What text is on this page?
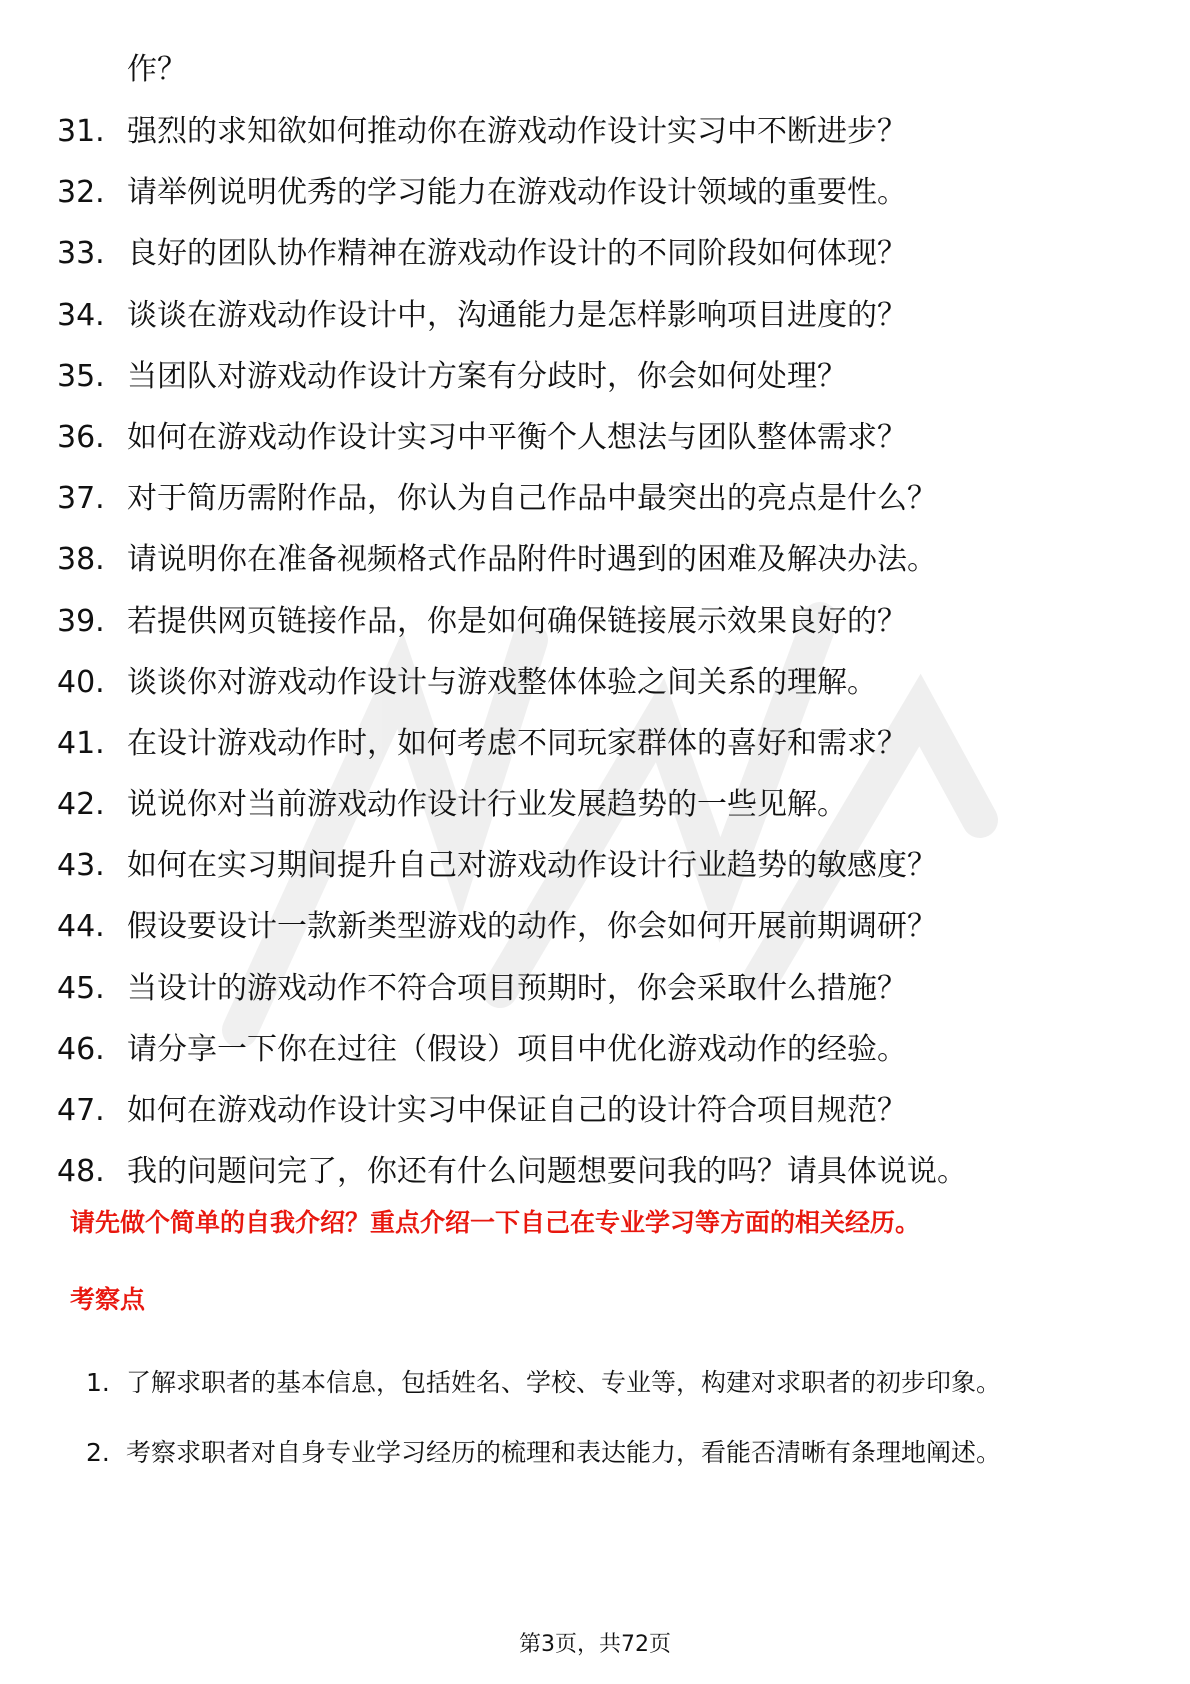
作？
31. 强烈的求知欲如何推动你在游戏动作设计实习中不断进步？
32. 请举例说明优秀的学习能力在游戏动作设计领域的重要性。
33. 良好的团队协作精神在游戏动作设计的不同阶段如何体现？
34. 谈谈在游戏动作设计中，沟通能力是怎样影响项目进度的？
35. 当团队对游戏动作设计方案有分歧时，你会如何处理？
36. 如何在游戏动作设计实习中平衡个人想法与团队整体需求？
37. 对于简历需附作品，你认为自己作品中最突出的亮点是什么？
38. 请说明你在准备视频格式作品附件时遇到的困难及解决办法。
39. 若提供网页链接作品，你是如何确保链接展示效果良好的？
40. 谈谈你对游戏动作设计与游戏整体体验之间关系的理解。
41. 在设计游戏动作时，如何考虑不同玩家群体的喜好和需求？
42. 说说你对当前游戏动作设计行业发展趋势的一些见解。
43. 如何在实习期间提升自己对游戏动作设计行业趋势的敏感度？
44. 假设要设计一款新类型游戏的动作，你会如何开展前期调研？
45. 当设计的游戏动作不符合项目预期时，你会采取什么措施？
46. 请分享一下你在过往（假设）项目中优化游戏动作的经验。
47. 如何在游戏动作设计实习中保证自己的设计符合项目规范？
48. 我的问题问完了，你还有什么问题想要问我的吗？请具体说说。
请先做个简单的自我介绍？重点介绍一下自己在专业学习等方面的相关经历。
考察点
1. 了解求职者的基本信息，包括姓名、学校、专业等，构建对求职者的初步印象。
2. 考察求职者对自身专业学习经历的梳理和表达能力，看能否清晰有条理地阐述。
第3页，共72页
